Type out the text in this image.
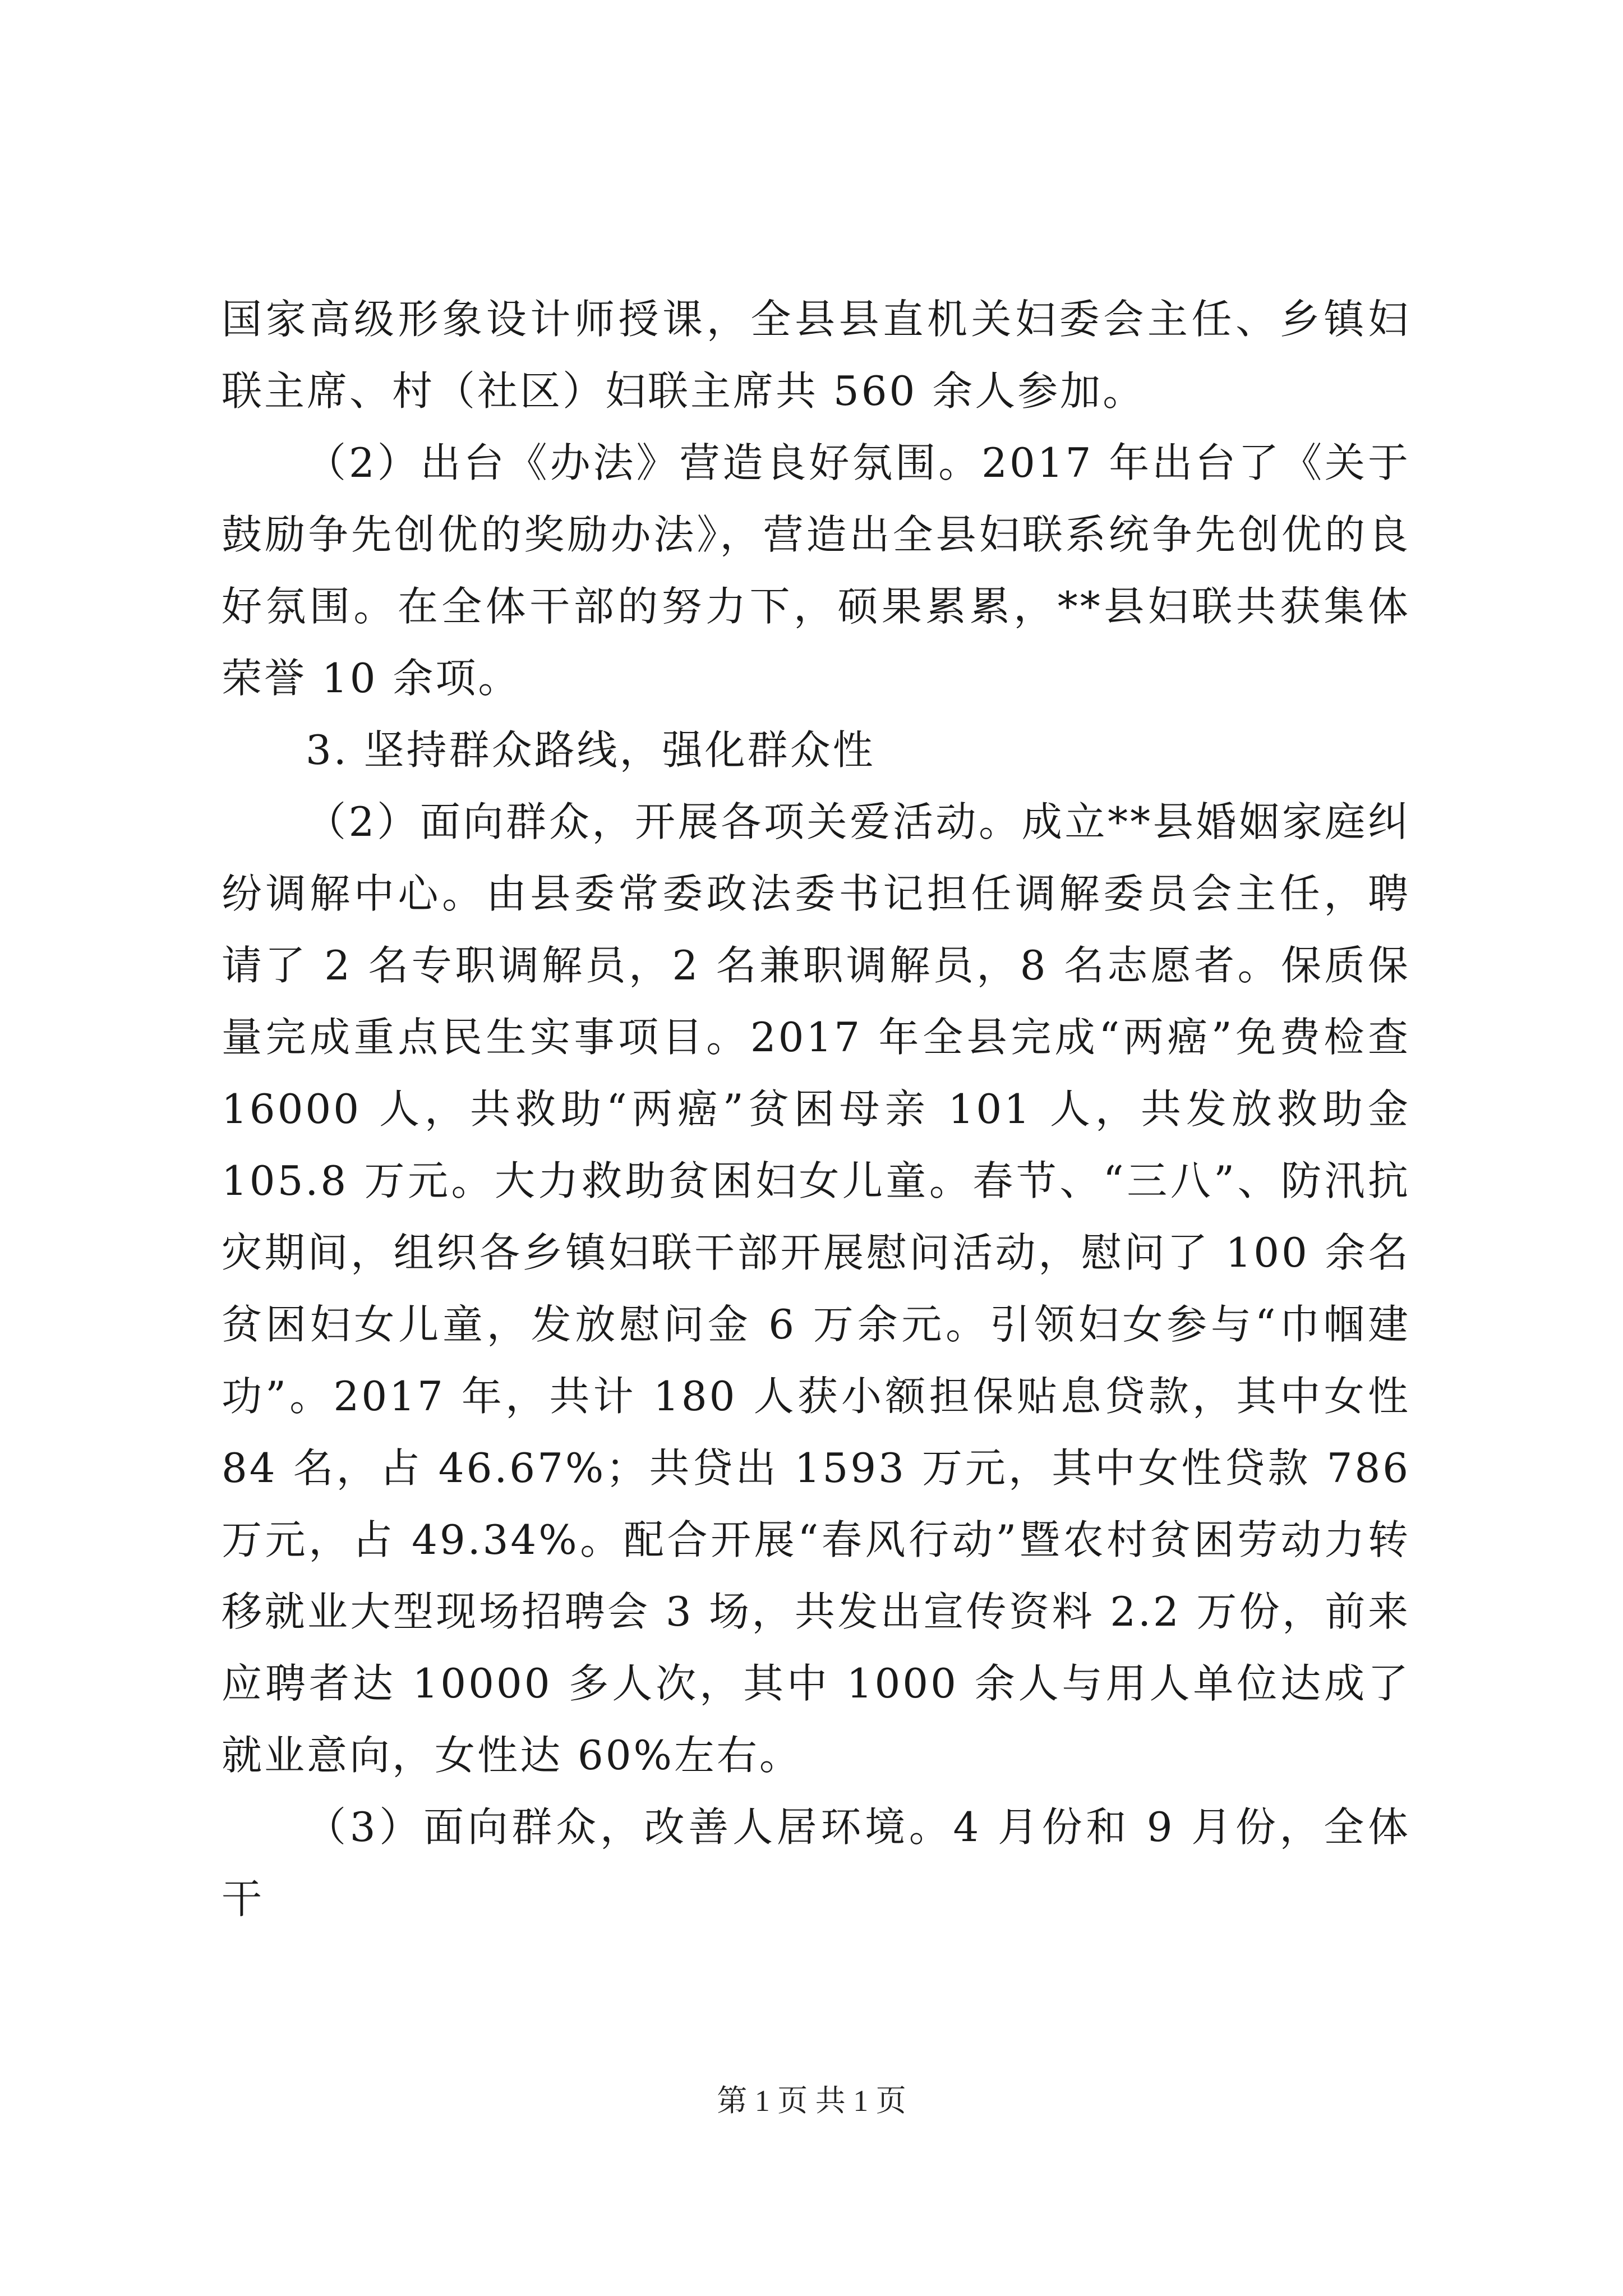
国家高级形象设计师授课，全县县直机关妇委会主任、乡镇妇联主席、村（社区）妇联主席共 560 余人参加。

（2）出台《办法》营造良好氛围。2017 年出台了《关于鼓励争先创优的奖励办法》，营造出全县妇联系统争先创优的良好氛围。在全体干部的努力下，硕果累累，**县妇联共获集体荣誉 10 余项。

3. 坚持群众路线，强化群众性

（2）面向群众，开展各项关爱活动。成立**县婚姻家庭纠纷调解中心。由县委常委政法委书记担任调解委员会主任，聘请了 2 名专职调解员，2 名兼职调解员，8 名志愿者。保质保量完成重点民生实事项目。2017 年全县完成“两癌”免费检查 16000 人，共救助“两癌”贫困母亲 101 人，共发放救助金 105.8 万元。大力救助贫困妇女儿童。春节、“三八”、防汛抗灾期间，组织各乡镇妇联干部开展慰问活动，慰问了 100 余名贫困妇女儿童，发放慰问金 6 万余元。引领妇女参与“巾帼建功”。2017 年，共计 180 人获小额担保贴息贷款，其中女性 84 名，占 46.67%；共贷出 1593 万元，其中女性贷款 786 万元，占 49.34%。配合开展“春风行动”暨农村贫困劳动力转移就业大型现场招聘会 3 场，共发出宣传资料 2.2 万份，前来应聘者达 10000 多人次，其中 1000 余人与用人单位达成了就业意向，女性达 60%左右。

（3）面向群众，改善人居环境。4 月份和 9 月份，全体干

第 1 页 共 1 页
